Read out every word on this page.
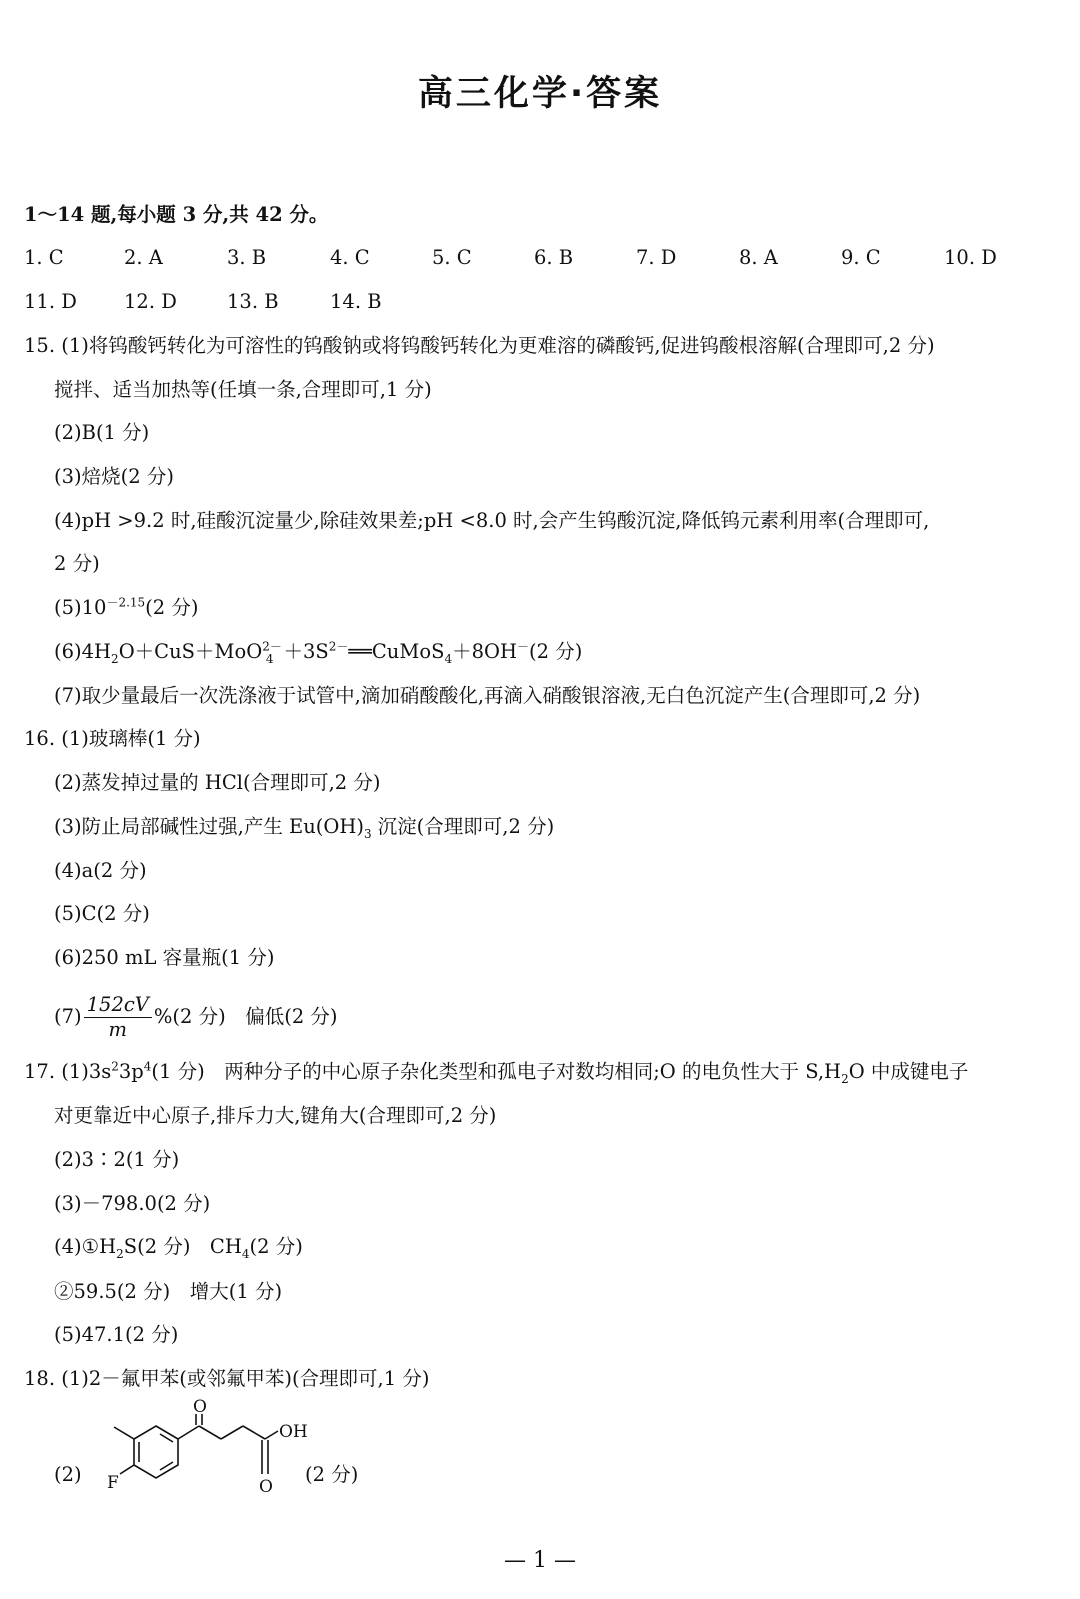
高三化学·答案
1～14 题,每小题 3 分,共 42 分。
1. C	2. A	3. B	4. C	5. C	6. B	7. D	8. A	9. C	10. D
11. D 12. D	13. B	14. B
15. (1)将钨酸钙转化为可溶性的钨酸钠或将钨酸钙转化为更难溶的磷酸钙,促进钨酸根溶解(合理即可,2 分)
搅拌、适当加热等(任填一条,合理即可,1 分)
(2)B(1 分)
(3)焙烧(2 分)
(4)pH >9.2 时,硅酸沉淀量少,除硅效果差;pH <8.0 时,会产生钨酸沉淀,降低钨元素利用率(合理即可,
2 分)
$(5)10^{-2.15}(2$ 分)
$(6)4H_2O+CuS+MoO^{2-}_4$ $+3S^{2-}══CuMoS_4+8OH^-(2$ 分)
(7)取少量最后一次洗涤液于试管中,滴加硝酸酸化,再滴入硝酸银溶液,无白色沉淀产生(合理即可,2 分)
16. (1)玻璃棒(1 分)
(2)蒸发掉过量的 HCl(合理即可,2 分)
(3)防止局部碱性过强,产生 $Eu(OH)_3$ 沉淀(合理即可,2 分)
(4)a(2 分)
(5)C(2 分)
(6)250 mL 容量瓶(1 分)
$(7) \frac{152cV}{m} \%(2$ 分)　偏低(2 分)
17. $(1)3s^23p^4(1$ 分)　两种分子的中心原子杂化类型和孤电子对数均相同;O 的电负性大于 $S,H_2O$ 中成键电子
对更靠近中心原子,排斥力大,键角大(合理即可,2 分)
(2)3∶2(1 分)
(3)－798.0(2 分)
$(4)①H_2S(2$ 分)　$CH_4(2$ 分)
②59.5(2 分)　增大(1 分)
(5)47.1(2 分)
18. (1)2－氟甲苯(或邻氟甲苯)(合理即可,1 分)
(2)
O
OH
O
F	(2 分)
— 1 —
